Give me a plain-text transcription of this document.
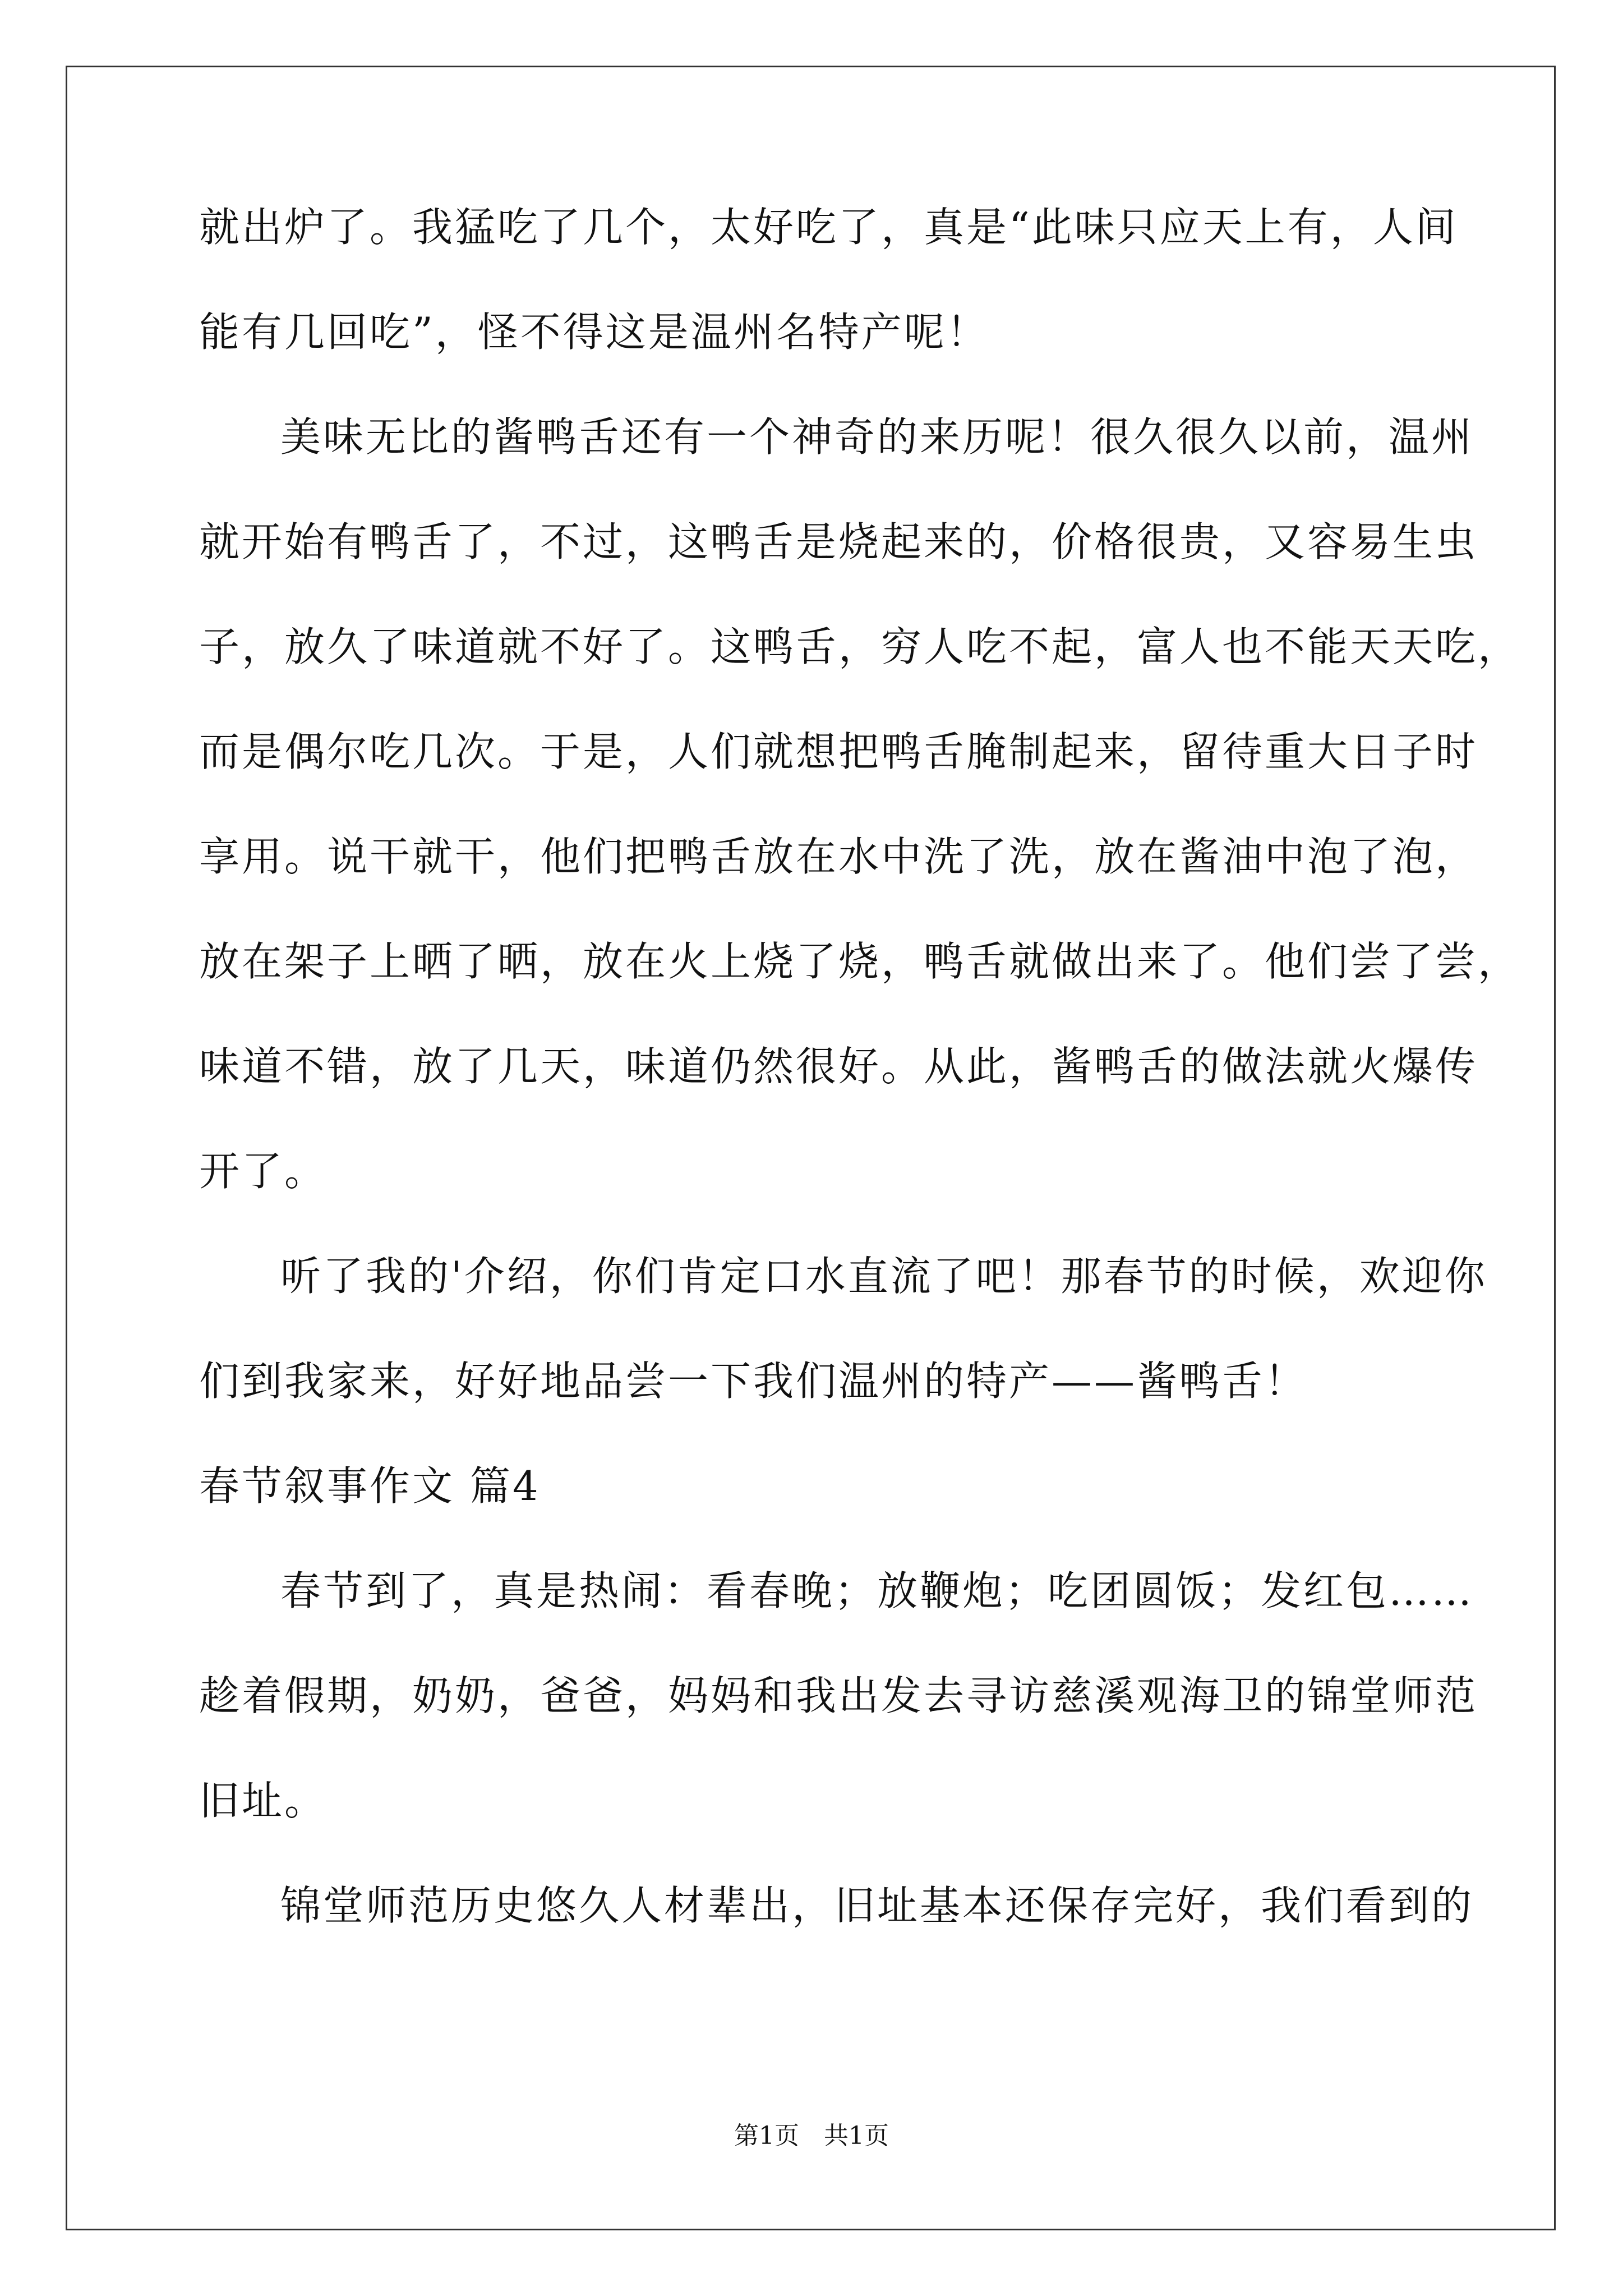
就出炉了。我猛吃了几个，太好吃了，真是“此味只应天上有，人间
能有几回吃”，怪不得这是温州名特产呢！
美味无比的酱鸭舌还有一个神奇的来历呢！很久很久以前，温州
就开始有鸭舌了，不过，这鸭舌是烧起来的，价格很贵，又容易生虫
子，放久了味道就不好了。这鸭舌，穷人吃不起，富人也不能天天吃，
而是偶尔吃几次。于是，人们就想把鸭舌腌制起来，留待重大日子时
享用。说干就干，他们把鸭舌放在水中洗了洗，放在酱油中泡了泡，
放在架子上晒了晒，放在火上烧了烧，鸭舌就做出来了。他们尝了尝，
味道不错，放了几天，味道仍然很好。从此，酱鸭舌的做法就火爆传
开了。
听了我的'介绍，你们肯定口水直流了吧！那春节的时候，欢迎你
们到我家来，好好地品尝一下我们温州的特产——酱鸭舌！
春节叙事作文 篇4
春节到了，真是热闹：看春晚；放鞭炮；吃团圆饭；发红包……
趁着假期，奶奶，爸爸，妈妈和我出发去寻访慈溪观海卫的锦堂师范
旧址。
锦堂师范历史悠久人材辈出，旧址基本还保存完好，我们看到的
第1页　共1页
